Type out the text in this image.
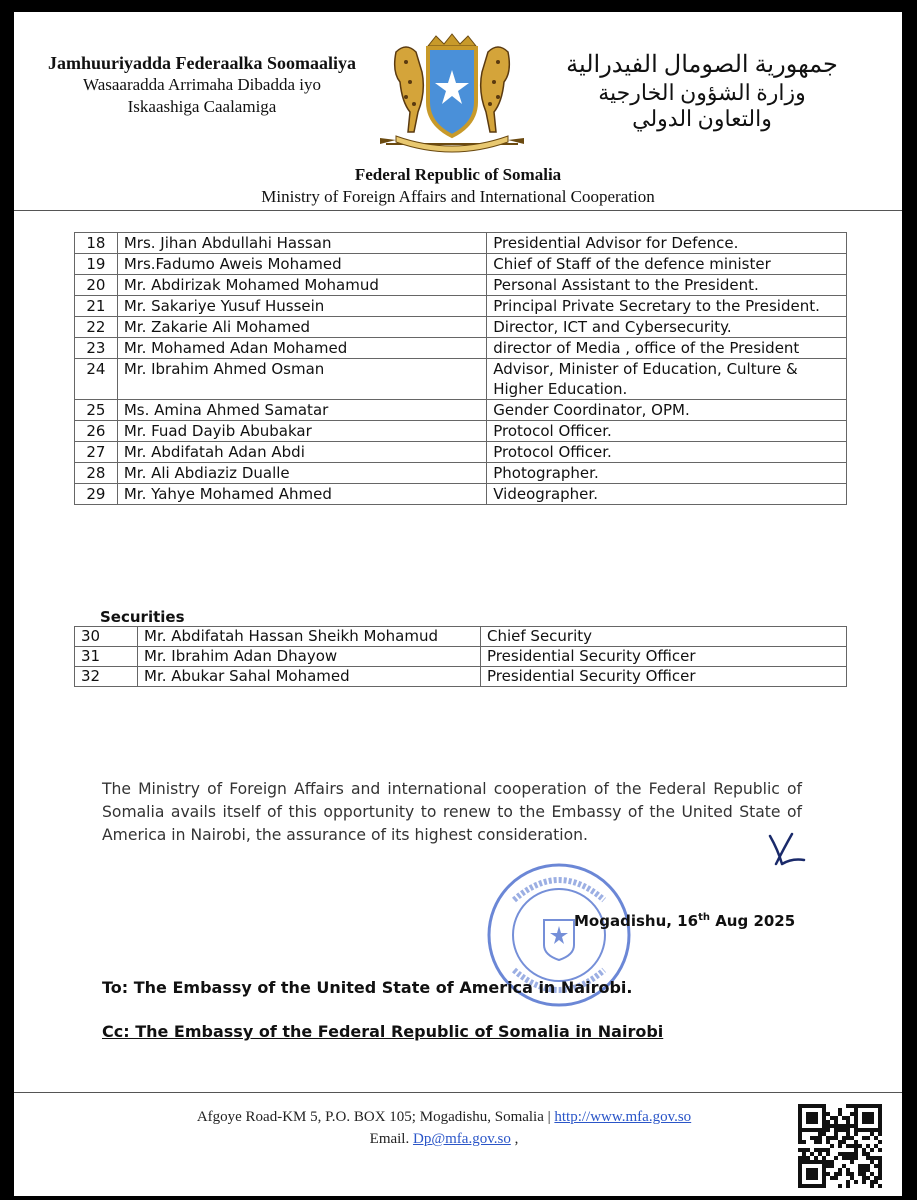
Jamhuuriyadda Federaalka Soomaaliya
Wasaaradda Arrimaha Dibadda iyo
Iskaashiga Caalamiga
جمهورية الصومال الفيدرالية
وزارة الشؤون الخارجية
والتعاون الدولي
Federal Republic of Somalia
Ministry of Foreign Affairs and International Cooperation
18	Mrs. Jihan Abdullahi Hassan	Presidential Advisor for Defence.
19	Mrs.Fadumo Aweis Mohamed	Chief of Staff of the defence minister
20	Mr. Abdirizak Mohamed Mohamud	Personal Assistant to the President.
21	Mr. Sakariye Yusuf Hussein	Principal Private Secretary to the President.
22	Mr. Zakarie Ali Mohamed	Director, ICT and Cybersecurity.
23	Mr. Mohamed Adan Mohamed	director of Media , office of the President
24	Mr. Ibrahim Ahmed Osman	Advisor, Minister of Education, Culture & Higher Education.
25	Ms. Amina Ahmed Samatar	Gender Coordinator, OPM.
26	Mr. Fuad Dayib Abubakar	Protocol Officer.
27	Mr. Abdifatah Adan Abdi	Protocol Officer.
28	Mr. Ali Abdiaziz Dualle	Photographer.
29	Mr. Yahye Mohamed Ahmed	Videographer.
Securities
30	Mr. Abdifatah Hassan Sheikh Mohamud	Chief Security
31	Mr. Ibrahim Adan Dhayow	Presidential Security Officer
32	Mr. Abukar Sahal Mohamed	Presidential Security Officer
The Ministry of Foreign Affairs and international cooperation of the Federal Republic of Somalia avails itself of this opportunity to renew to the Embassy of the United State of America in Nairobi, the assurance of its highest consideration.
Mogadishu, 16th Aug 2025
To: The Embassy of the United State of America in Nairobi.
Cc: The Embassy of the Federal Republic of Somalia in Nairobi
Afgoye Road-KM 5, P.O. BOX 105; Mogadishu, Somalia | http://www.mfa.gov.so
Email. Dp@mfa.gov.so ,
